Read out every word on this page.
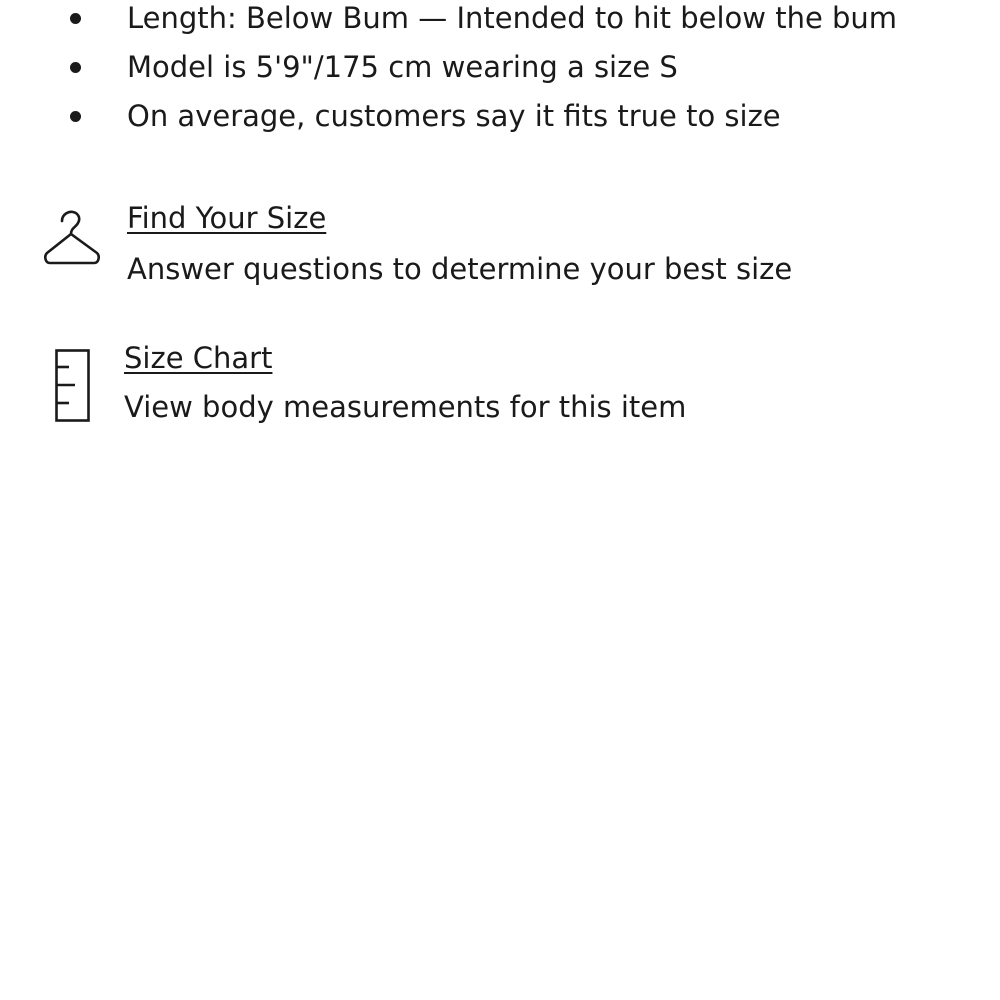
Length: Below Bum — Intended to hit below the bum
Model is 5'9"/175 cm wearing a size S
On average, customers say it fits true to size
Find Your Size
Answer questions to determine your best size
Size Chart
View body measurements for this item
